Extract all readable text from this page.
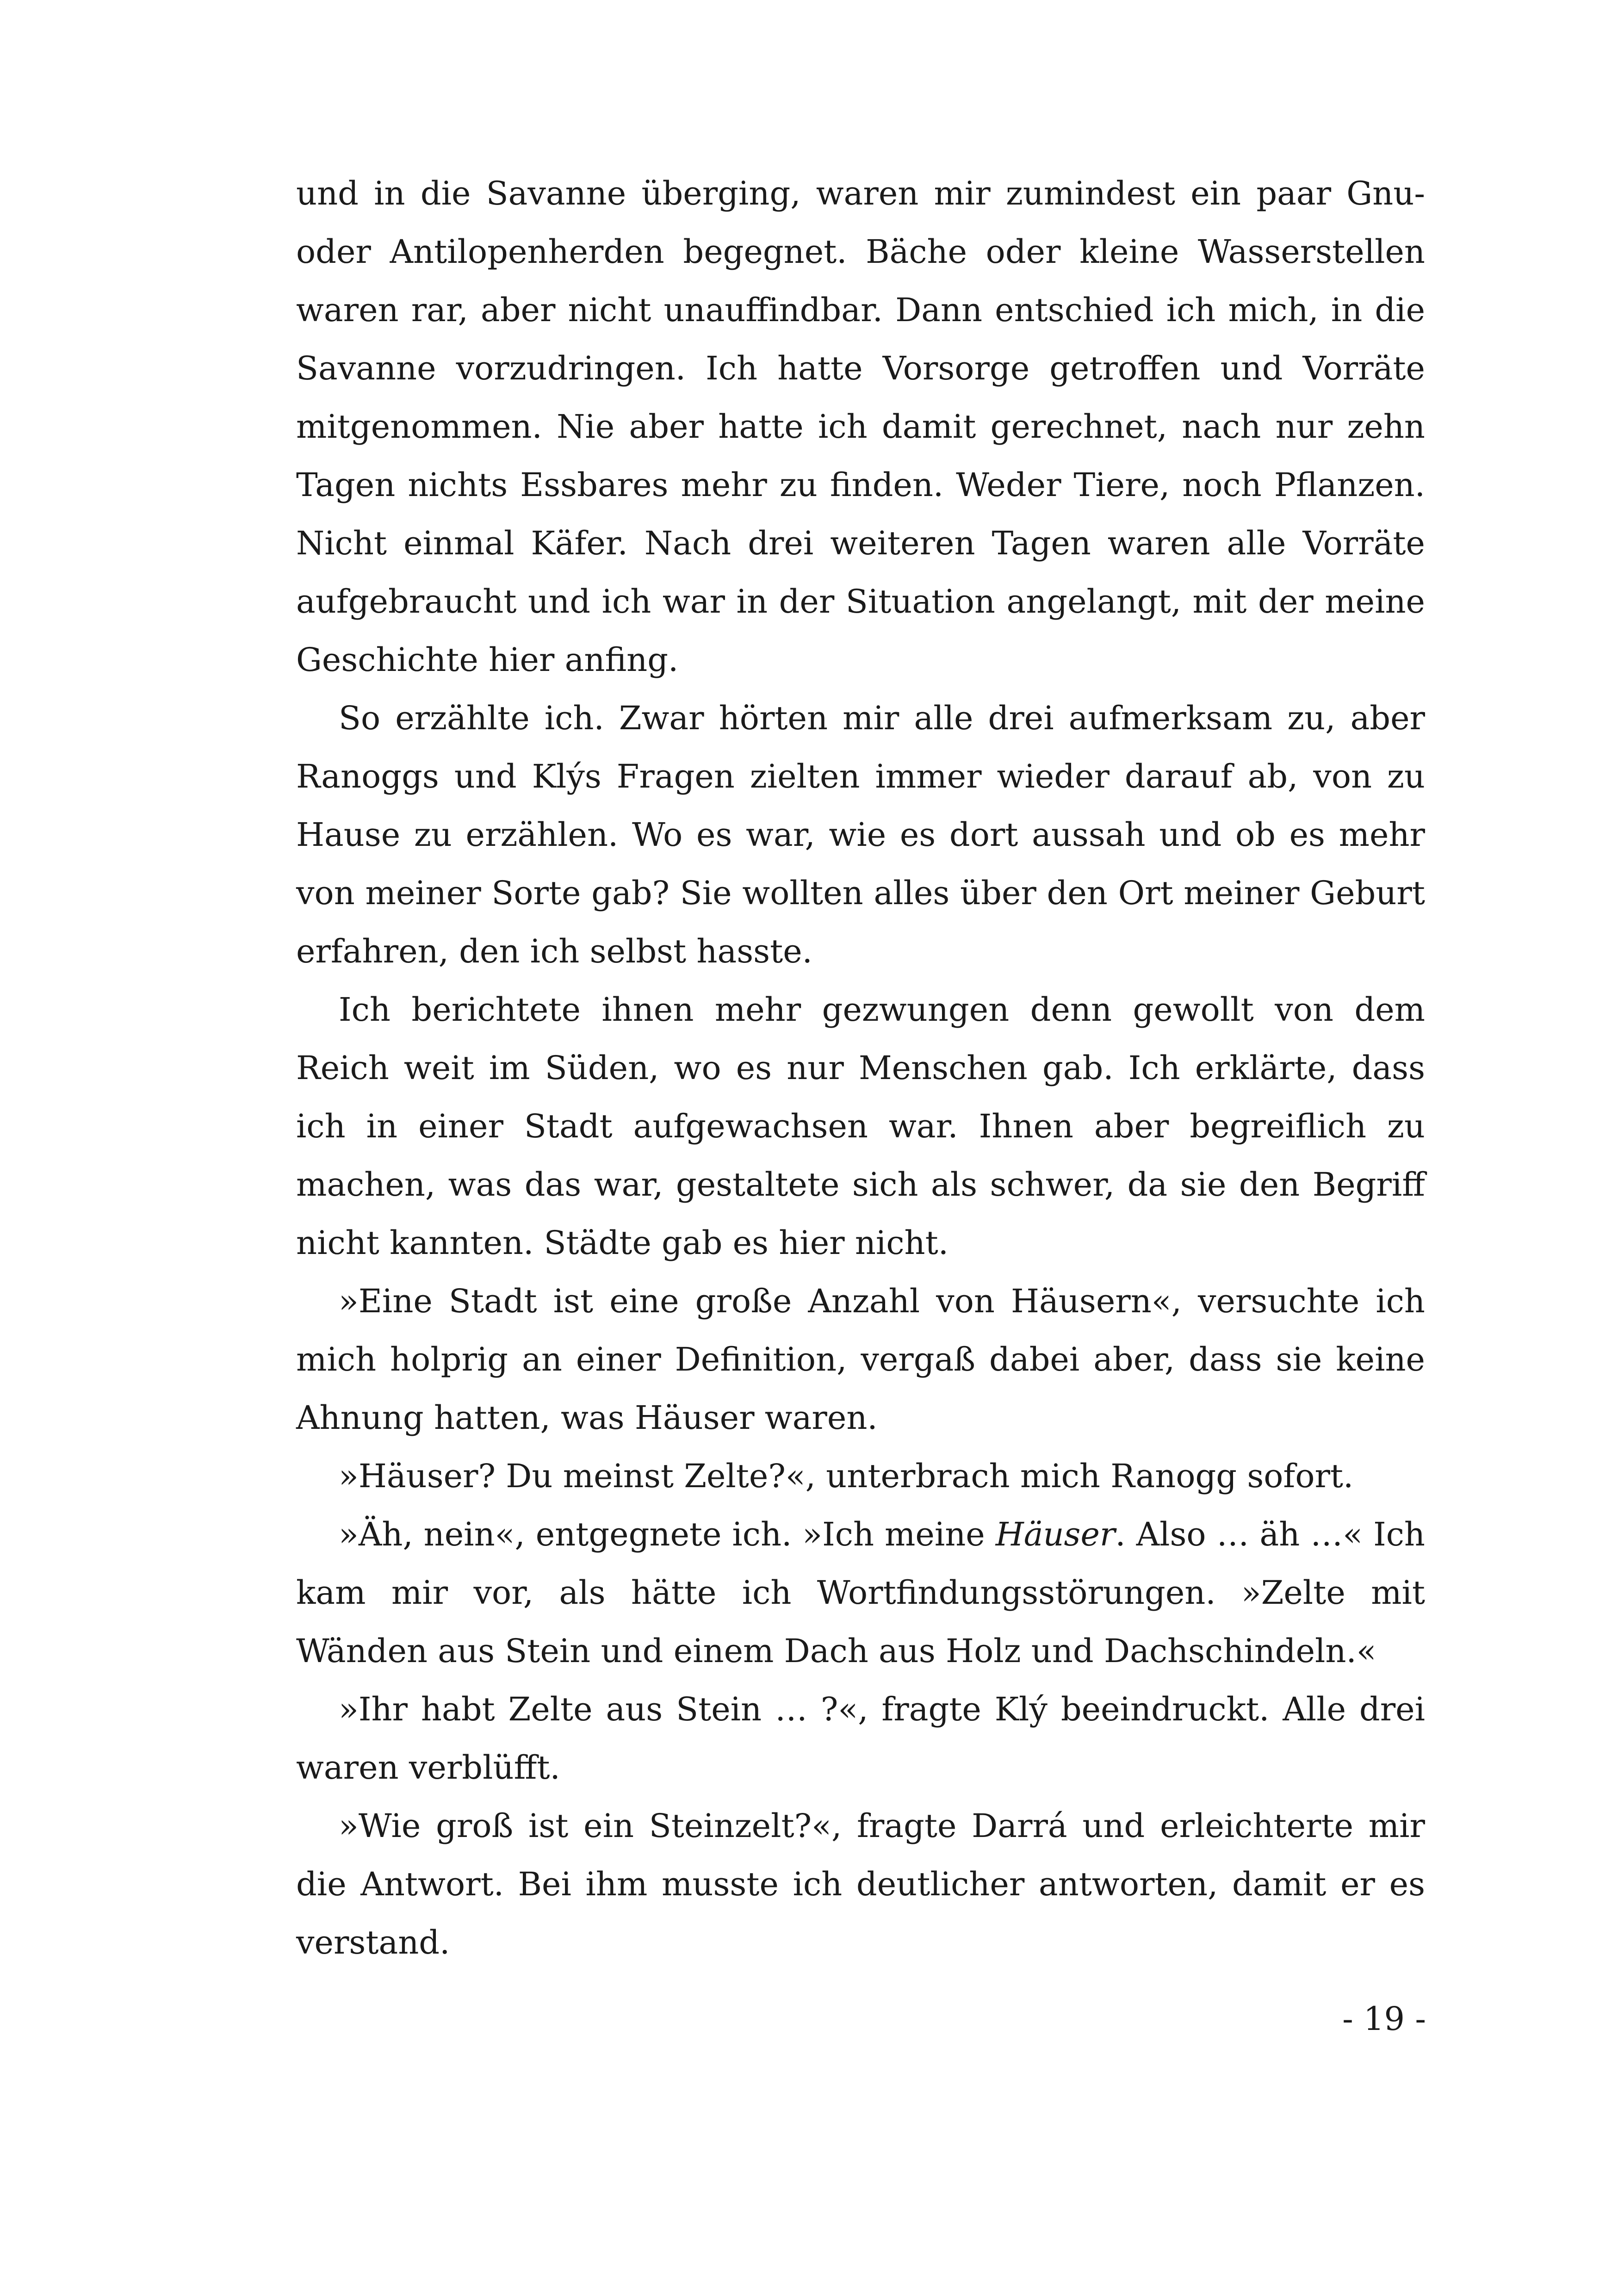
und in die Savanne überging, waren mir zumindest ein paar Gnu- oder Antilopenherden begegnet. Bäche oder kleine Wasserstellen waren rar, aber nicht unauffindbar. Dann entschied ich mich, in die Savanne vorzudringen. Ich hatte Vorsorge getroffen und Vorräte mitgenommen. Nie aber hatte ich damit gerechnet, nach nur zehn Tagen nichts Essbares mehr zu finden. Weder Tiere, noch Pflanzen. Nicht einmal Käfer. Nach drei weiteren Tagen waren alle Vorräte aufgebraucht und ich war in der Situation angelangt, mit der meine Geschichte hier anfing.

So erzählte ich. Zwar hörten mir alle drei aufmerksam zu, aber Ranoggs und Klýs Fragen zielten immer wieder darauf ab, von zu Hause zu erzählen. Wo es war, wie es dort aussah und ob es mehr von meiner Sorte gab? Sie wollten alles über den Ort meiner Geburt erfahren, den ich selbst hasste.

Ich berichtete ihnen mehr gezwungen denn gewollt von dem Reich weit im Süden, wo es nur Menschen gab. Ich erklärte, dass ich in einer Stadt aufgewachsen war. Ihnen aber begreiflich zu machen, was das war, gestaltete sich als schwer, da sie den Begriff nicht kannten. Städte gab es hier nicht.

»Eine Stadt ist eine große Anzahl von Häusern«, versuchte ich mich holprig an einer Definition, vergaß dabei aber, dass sie keine Ahnung hatten, was Häuser waren.

»Häuser? Du meinst Zelte?«, unterbrach mich Ranogg sofort.

»Äh, nein«, entgegnete ich. »Ich meine Häuser. Also … äh …« Ich kam mir vor, als hätte ich Wortfindungsstörungen. »Zelte mit Wänden aus Stein und einem Dach aus Holz und Dachschindeln.«

»Ihr habt Zelte aus Stein … ?«, fragte Klý beeindruckt. Alle drei waren verblüfft.

»Wie groß ist ein Steinzelt?«, fragte Darrá und erleichterte mir die Antwort. Bei ihm musste ich deutlicher antworten, damit er es verstand.

- 19 -
